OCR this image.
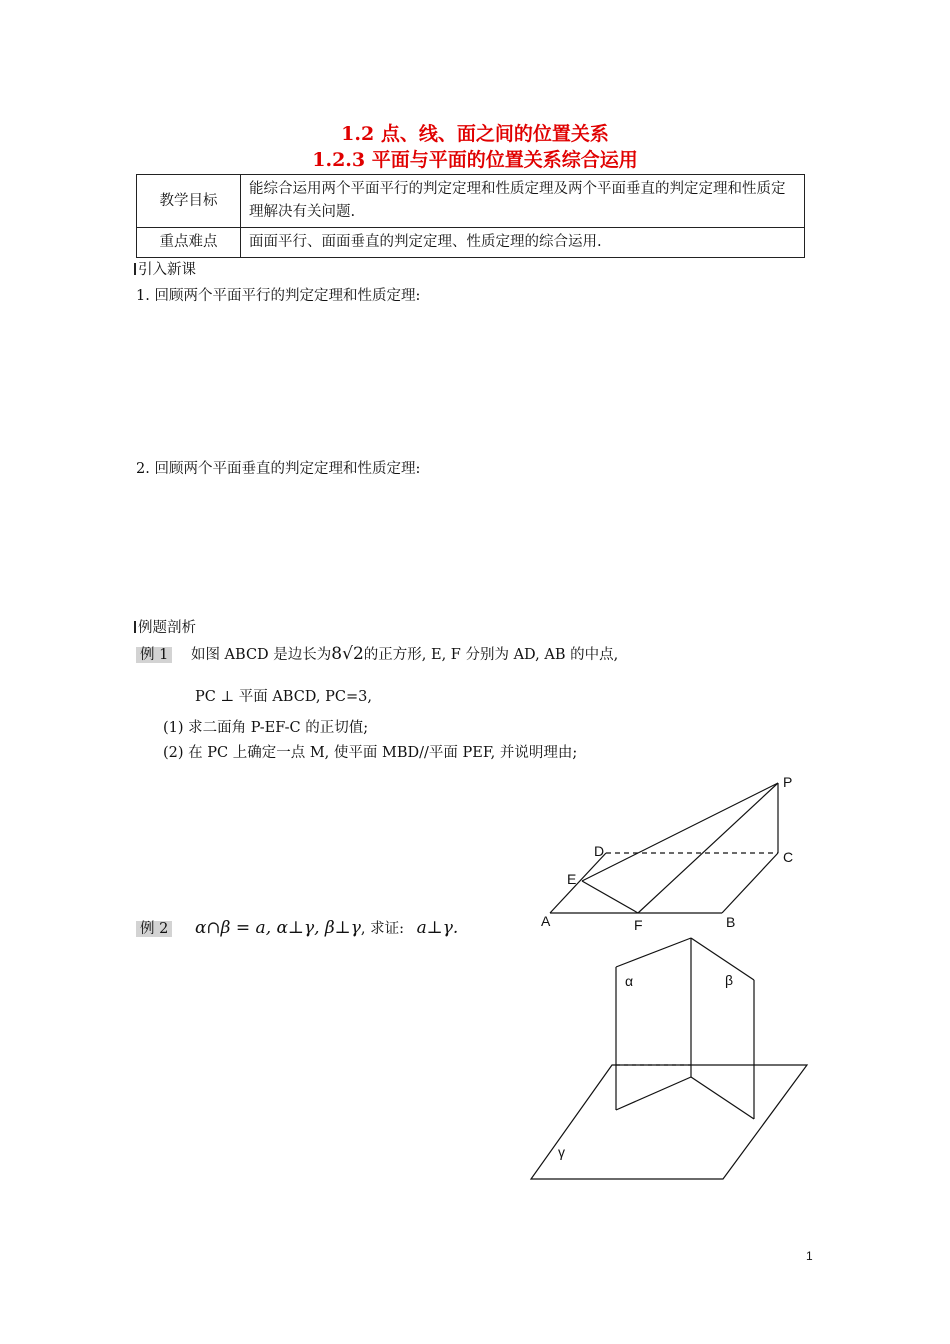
1.2 点、线、面之间的位置关系
1.2.3 平面与平面的位置关系综合运用
教学目标	能综合运用两个平面平行的判定定理和性质定理及两个平面垂直的判定定理和性质定理解决有关问题.
重点难点	面面平行、面面垂直的判定定理、性质定理的综合运用.
引入新课
1. 回顾两个平面平行的判定定理和性质定理:
2. 回顾两个平面垂直的判定定理和性质定理:
例题剖析
例 1 如图 ABCD 是边长为8√2的正方形, E, F 分别为 AD, AB 的中点,
PC ⊥ 平面 ABCD, PC=3,
(1) 求二面角 P-EF-C 的正切值;
(2) 在 PC 上确定一点 M, 使平面 MBD//平面 PEF, 并说明理由;
例 2 α∩β = a, α⊥γ, β⊥γ, 求证: a⊥γ.
P
D	C
E
A	F	B
α	β
γ
1
